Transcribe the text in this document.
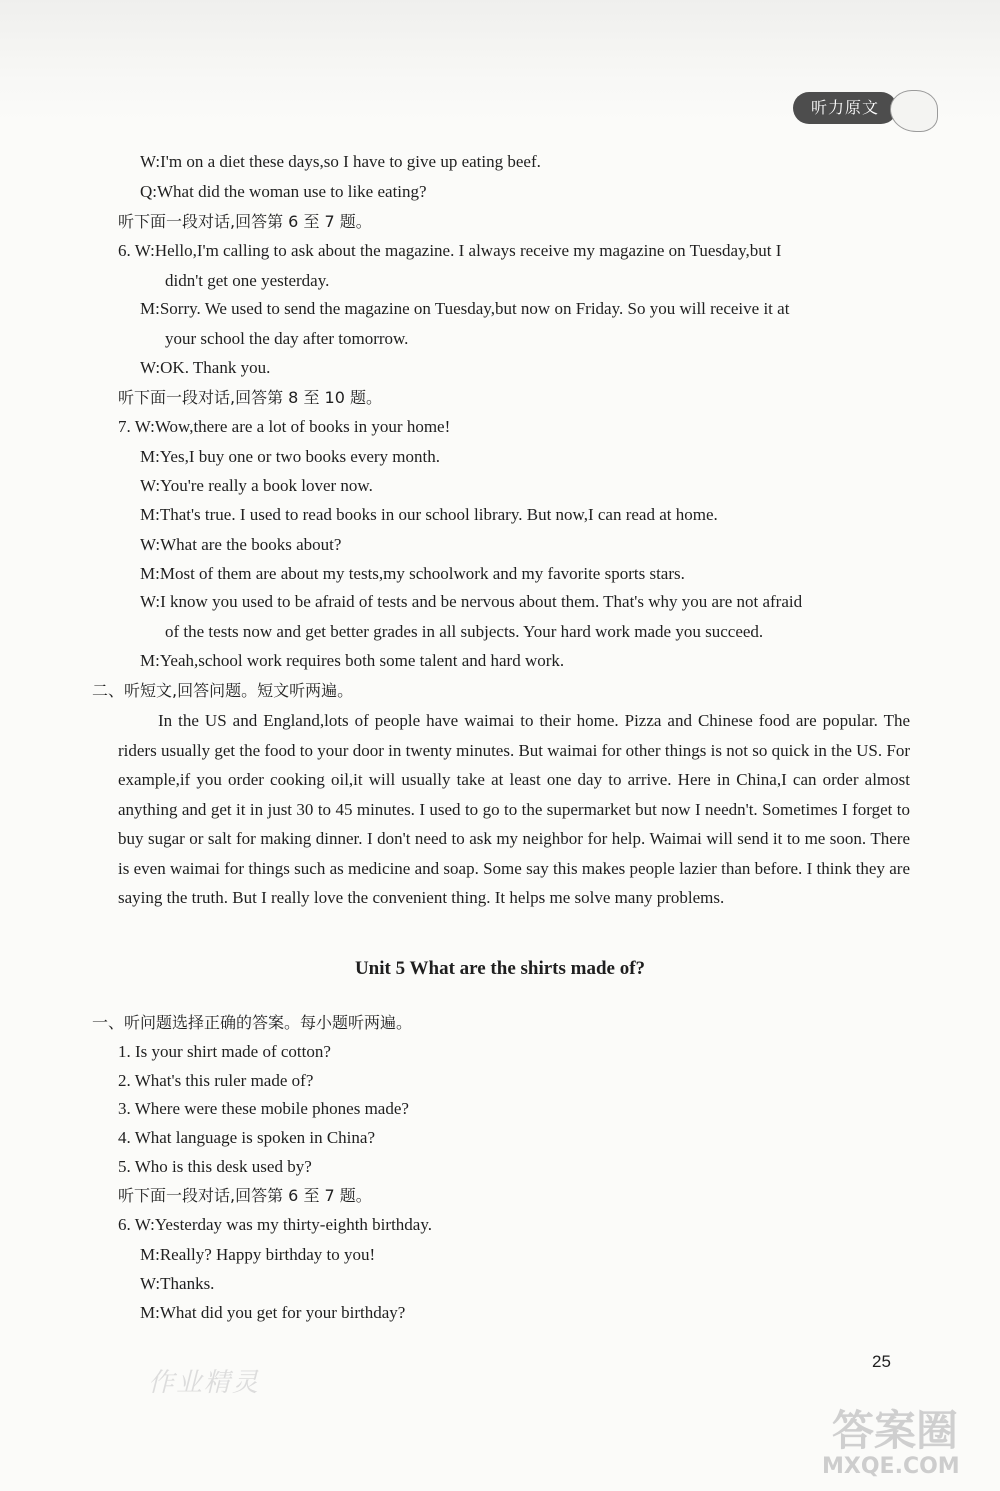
听力原文
W:I'm on a diet these days,so I have to give up eating beef.
Q:What did the woman use to like eating?
听下面一段对话,回答第 6 至 7 题。
6. W:Hello,I'm calling to ask about the magazine. I always receive my magazine on Tuesday,but I
didn't get one yesterday.
M:Sorry. We used to send the magazine on Tuesday,but now on Friday. So you will receive it at
your school the day after tomorrow.
W:OK. Thank you.
听下面一段对话,回答第 8 至 10 题。
7. W:Wow,there are a lot of books in your home!
M:Yes,I buy one or two books every month.
W:You're really a book lover now.
M:That's true. I used to read books in our school library. But now,I can read at home.
W:What are the books about?
M:Most of them are about my tests,my schoolwork and my favorite sports stars.
W:I know you used to be afraid of tests and be nervous about them. That's why you are not afraid
of the tests now and get better grades in all subjects. Your hard work made you succeed.
M:Yeah,school work requires both some talent and hard work.
二、听短文,回答问题。短文听两遍。
In the US and England,lots of people have waimai to their home. Pizza and Chinese food are popular. The riders usually get the food to your door in twenty minutes. But waimai for other things is not so quick in the US. For example,if you order cooking oil,it will usually take at least one day to arrive. Here in China,I can order almost anything and get it in just 30 to 45 minutes. I used to go to the supermarket but now I needn't. Sometimes I forget to buy sugar or salt for making dinner. I don't need to ask my neighbor for help. Waimai will send it to me soon. There is even waimai for things such as medicine and soap. Some say this makes people lazier than before. I think they are saying the truth. But I really love the convenient thing. It helps me solve many problems.
Unit 5 What are the shirts made of?
一、听问题选择正确的答案。每小题听两遍。
1. Is your shirt made of cotton?
2. What's this ruler made of?
3. Where were these mobile phones made?
4. What language is spoken in China?
5. Who is this desk used by?
听下面一段对话,回答第 6 至 7 题。
6. W:Yesterday was my thirty-eighth birthday.
M:Really? Happy birthday to you!
W:Thanks.
M:What did you get for your birthday?
作业精灵
25
答案圈
MXQE.COM
